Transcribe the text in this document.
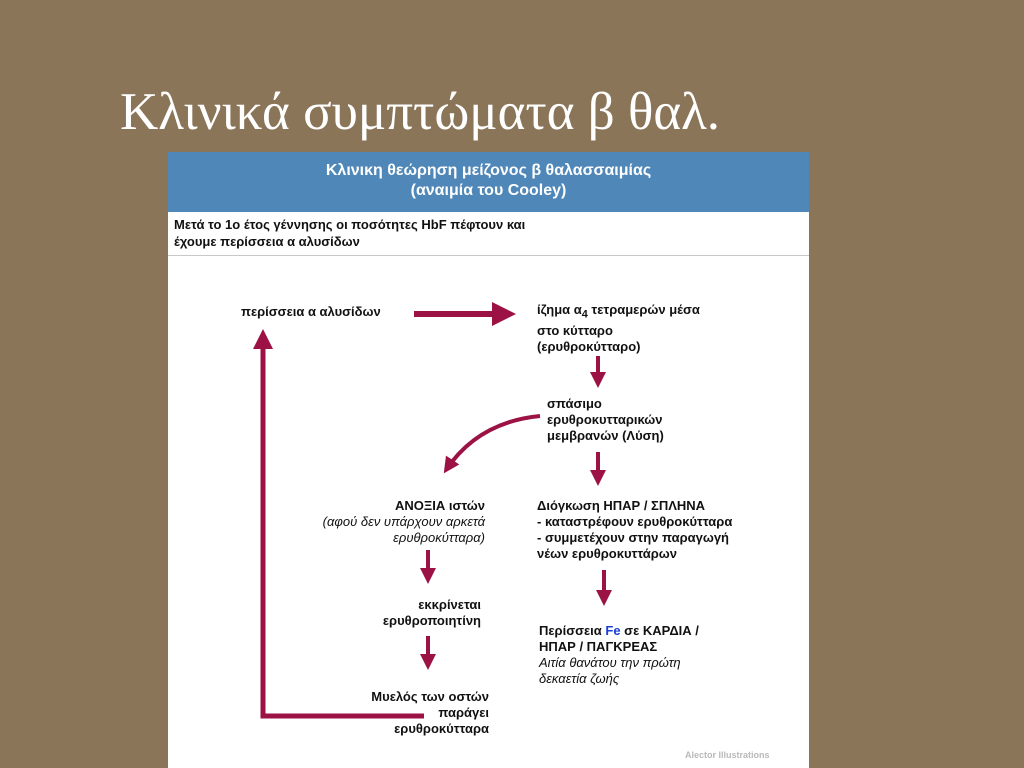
Κλινικά συμπτώματα β θαλ.
Κλινικη θεώρηση μείζονος β θαλασσαιμίας
(αναιμία του Cooley)
Μετά το 1ο έτος γέννησης οι ποσότητες HbF πέφτουν και
έχουμε περίσσεια α αλυσίδων
περίσσεια α αλυσίδων	ίζημα $\alpha_4$ τετραμερών μέσα
στο κύτταρο
(ερυθροκύτταρο)
σπάσιμο
ερυθροκυτταρικών
μεμβρανών (Λύση)
ΑΝΟΞΙΑ ιστών
(αφού δεν υπάρχουν αρκετά
ερυθροκύτταρα)
Διόγκωση ΗΠΑΡ / ΣΠΛΗΝΑ
- καταστρέφουν ερυθροκύτταρα
- συμμετέχουν στην παραγωγή
νέων ερυθροκυττάρων
εκκρίνεται
ερυθροποιητίνη
Περίσσεια Fe σε ΚΑΡΔΙΑ /
ΗΠΑΡ / ΠΑΓΚΡΕΑΣ
Αιτία θανάτου την πρώτη
δεκαετία ζωής
Μυελός των οστών
παράγει
ερυθροκύτταρα
Alector Illustrations
